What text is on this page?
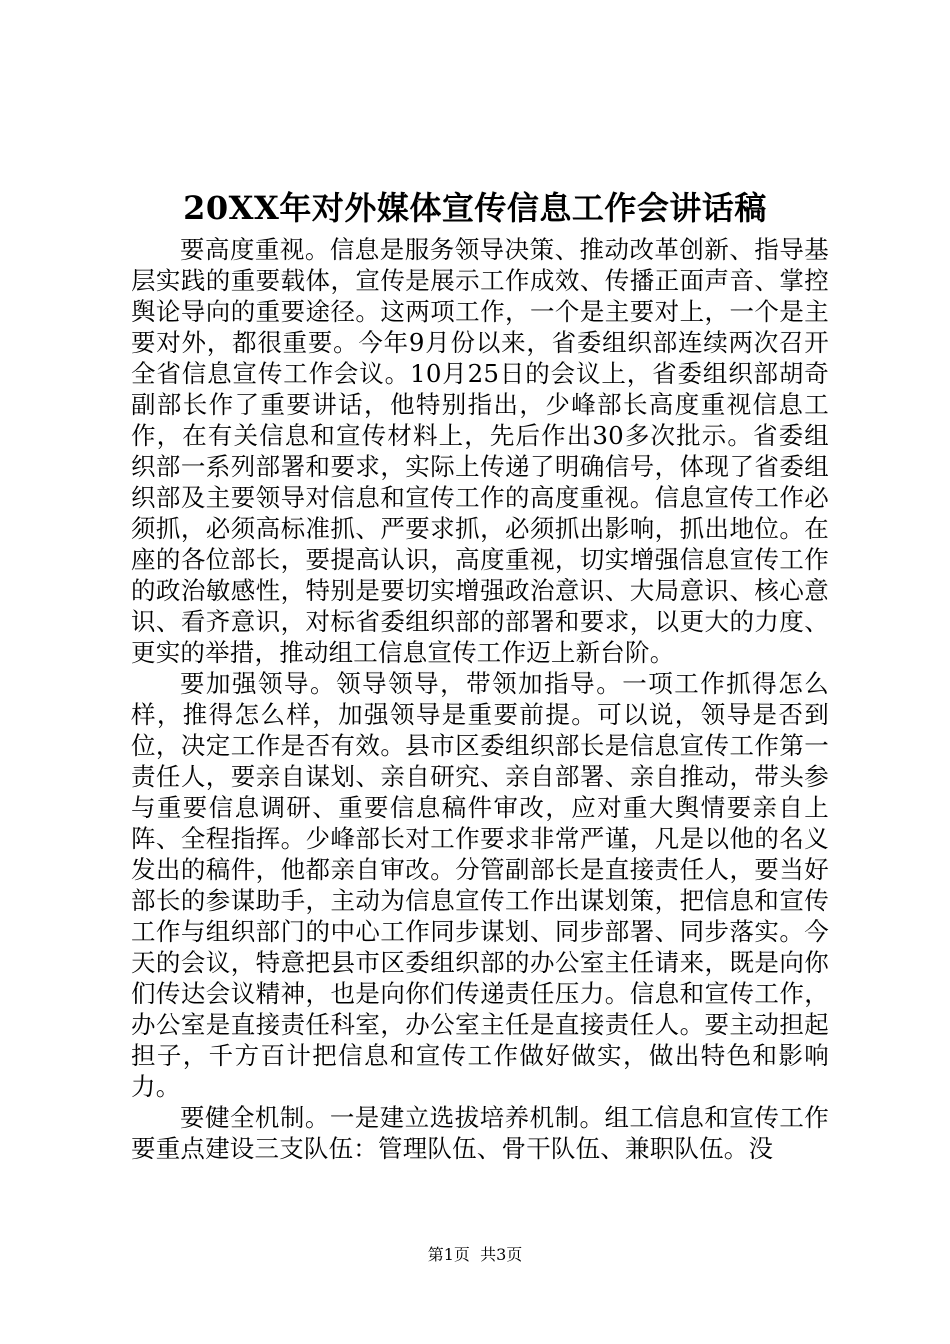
20XX年对外媒体宣传信息工作会讲话稿

要高度重视。信息是服务领导决策、推动改革创新、指导基层实践的重要载体，宣传是展示工作成效、传播正面声音、掌控舆论导向的重要途径。这两项工作，一个是主要对上，一个是主要对外，都很重要。今年9月份以来，省委组织部连续两次召开全省信息宣传工作会议。10月25日的会议上，省委组织部胡奇副部长作了重要讲话，他特别指出，少峰部长高度重视信息工作，在有关信息和宣传材料上，先后作出30多次批示。省委组织部一系列部署和要求，实际上传递了明确信号，体现了省委组织部及主要领导对信息和宣传工作的高度重视。信息宣传工作必须抓，必须高标准抓、严要求抓，必须抓出影响，抓出地位。在座的各位部长，要提高认识，高度重视，切实增强信息宣传工作的政治敏感性，特别是要切实增强政治意识、大局意识、核心意识、看齐意识，对标省委组织部的部署和要求，以更大的力度、更实的举措，推动组工信息宣传工作迈上新台阶。

要加强领导。领导领导，带领加指导。一项工作抓得怎么样，推得怎么样，加强领导是重要前提。可以说，领导是否到位，决定工作是否有效。县市区委组织部长是信息宣传工作第一责任人，要亲自谋划、亲自研究、亲自部署、亲自推动，带头参与重要信息调研、重要信息稿件审改，应对重大舆情要亲自上阵、全程指挥。少峰部长对工作要求非常严谨，凡是以他的名义发出的稿件，他都亲自审改。分管副部长是直接责任人，要当好部长的参谋助手，主动为信息宣传工作出谋划策，把信息和宣传工作与组织部门的中心工作同步谋划、同步部署、同步落实。今天的会议，特意把县市区委组织部的办公室主任请来，既是向你们传达会议精神，也是向你们传递责任压力。信息和宣传工作，办公室是直接责任科室，办公室主任是直接责任人。要主动担起担子，千方百计把信息和宣传工作做好做实，做出特色和影响力。

要健全机制。一是建立选拔培养机制。组工信息和宣传工作要重点建设三支队伍：管理队伍、骨干队伍、兼职队伍。没

第1页  共3页
